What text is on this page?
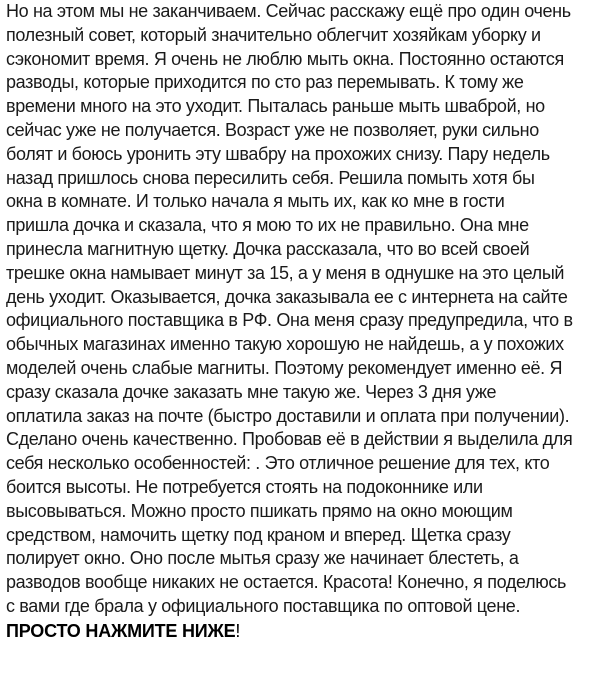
Но на этом мы не заканчиваем. Сейчас расскажу ещё про один очень
полезный совет, который значительно облегчит хозяйкам уборку и
сэкономит время. Я очень не люблю мыть окна. Постоянно остаются
разводы, которые приходится по сто раз перемывать. К тому же
времени много на это уходит. Пыталась раньше мыть шваброй, но
сейчас уже не получается. Возраст уже не позволяет, руки сильно
болят и боюсь уронить эту швабру на прохожих снизу. Пару недель
назад пришлось снова пересилить себя. Решила помыть хотя бы
окна в комнате. И только начала я мыть их, как ко мне в гости
пришла дочка и сказала, что я мою то их не правильно. Она мне
принесла магнитную щетку. Дочка рассказала, что во всей своей
трешке окна намывает минут за 15, а у меня в однушке на это целый
день уходит. Оказывается, дочка заказывала ее с интернета на сайте
официального поставщика в РФ. Она меня сразу предупредила, что в
обычных магазинах именно такую хорошую не найдешь, а у похожих
моделей очень слабые магниты. Поэтому рекомендует именно её. Я
сразу сказала дочке заказать мне такую же. Через 3 дня уже
оплатила заказ на почте (быстро доставили и оплата при получении).
Сделано очень качественно. Пробовав её в действии я выделила для
себя несколько особенностей: . Это отличное решение для тех, кто
боится высоты. Не потребуется стоять на подоконнике или
высовываться. Можно просто пшикать прямо на окно моющим
средством, намочить щетку под краном и вперед. Щетка сразу
полирует окно. Оно после мытья сразу же начинает блестеть, а
разводов вообще никаких не остается. Красота! Конечно, я поделюсь
с вами где брала у официального поставщика по оптовой цене.
ПРОСТО НАЖМИТЕ НИЖЕ!
